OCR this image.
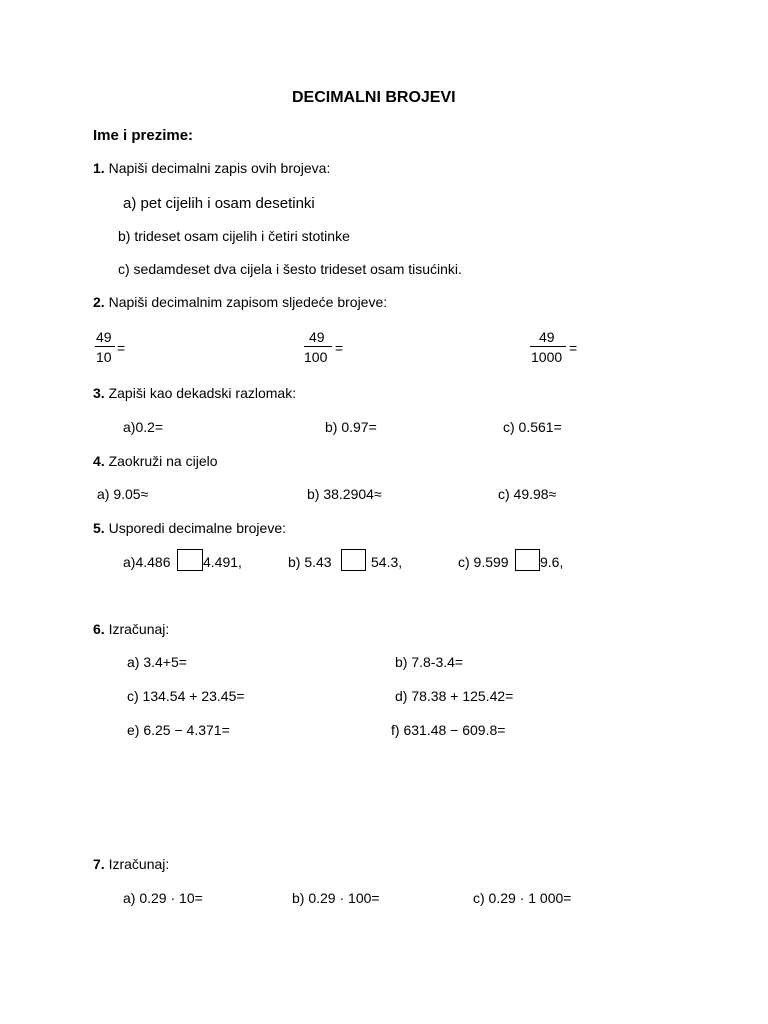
DECIMALNI BROJEVI
Ime i prezime:
1. Napiši decimalni zapis ovih brojeva:
a) pet cijelih i osam desetinki
b) trideset osam cijelih i četiri stotinke
c) sedamdeset dva cijela i šesto trideset osam tisućinki.
2. Napiši decimalnim zapisom sljedeće brojeve:
49
10
=
49
100
=
49
1000
=
3. Zapiši kao dekadski razlomak:
a)0.2=	b) 0.97=	c) 0.561=
4. Zaokruži na cijelo
a) 9.05≈	b) 38.2904≈	c) 49.98≈
5. Usporedi decimalne brojeve:
a)4.486 4.491,	b) 5.43	54.3,	c) 9.599 9.6,
6. Izračunaj:
a) 3.4+5=	b) 7.8-3.4=
c) 134.54 + 23.45=	d) 78.38 + 125.42=
e) 6.25 − 4.371=	f) 631.48 − 609.8=
7. Izračunaj:
a) 0.29 · 10=	b) 0.29 · 100=	c) 0.29 · 1 000=
